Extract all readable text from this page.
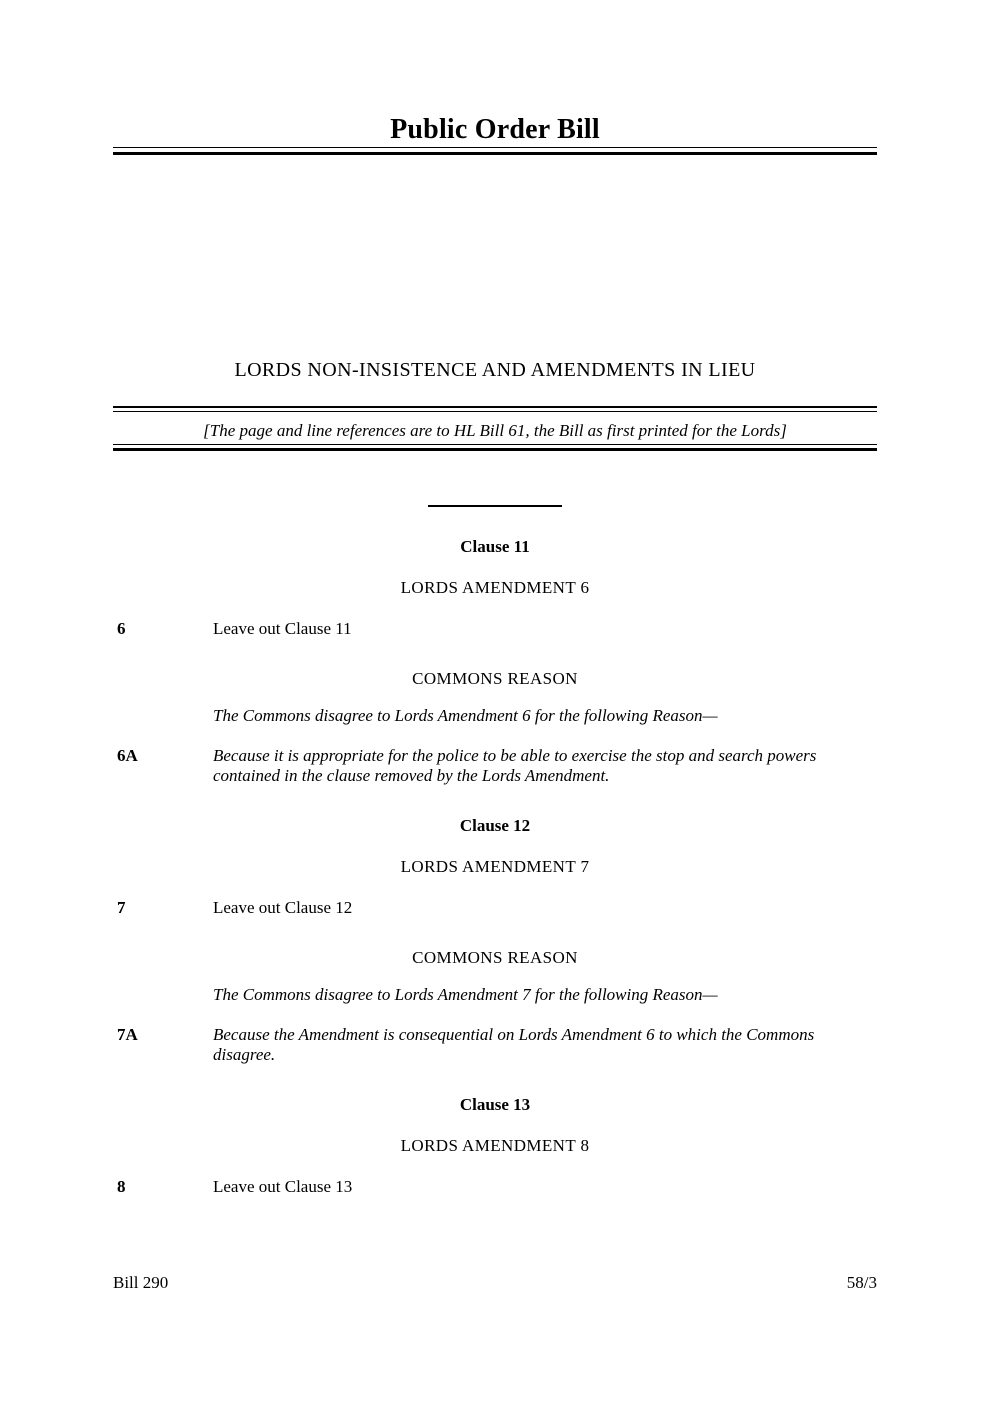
Public Order Bill
LORDS NON-INSISTENCE AND AMENDMENTS IN LIEU
[The page and line references are to HL Bill 61, the Bill as first printed for the Lords]
Clause 11
LORDS AMENDMENT 6
6	Leave out Clause 11
COMMONS REASON

The Commons disagree to Lords Amendment 6 for the following Reason—

6A	Because it is appropriate for the police to be able to exercise the stop and search powers contained in the clause removed by the Lords Amendment.
Clause 12
LORDS AMENDMENT 7
7	Leave out Clause 12
COMMONS REASON

The Commons disagree to Lords Amendment 7 for the following Reason—

7A	Because the Amendment is consequential on Lords Amendment 6 to which the Commons disagree.
Clause 13
LORDS AMENDMENT 8
8	Leave out Clause 13
Bill 290	58/3
